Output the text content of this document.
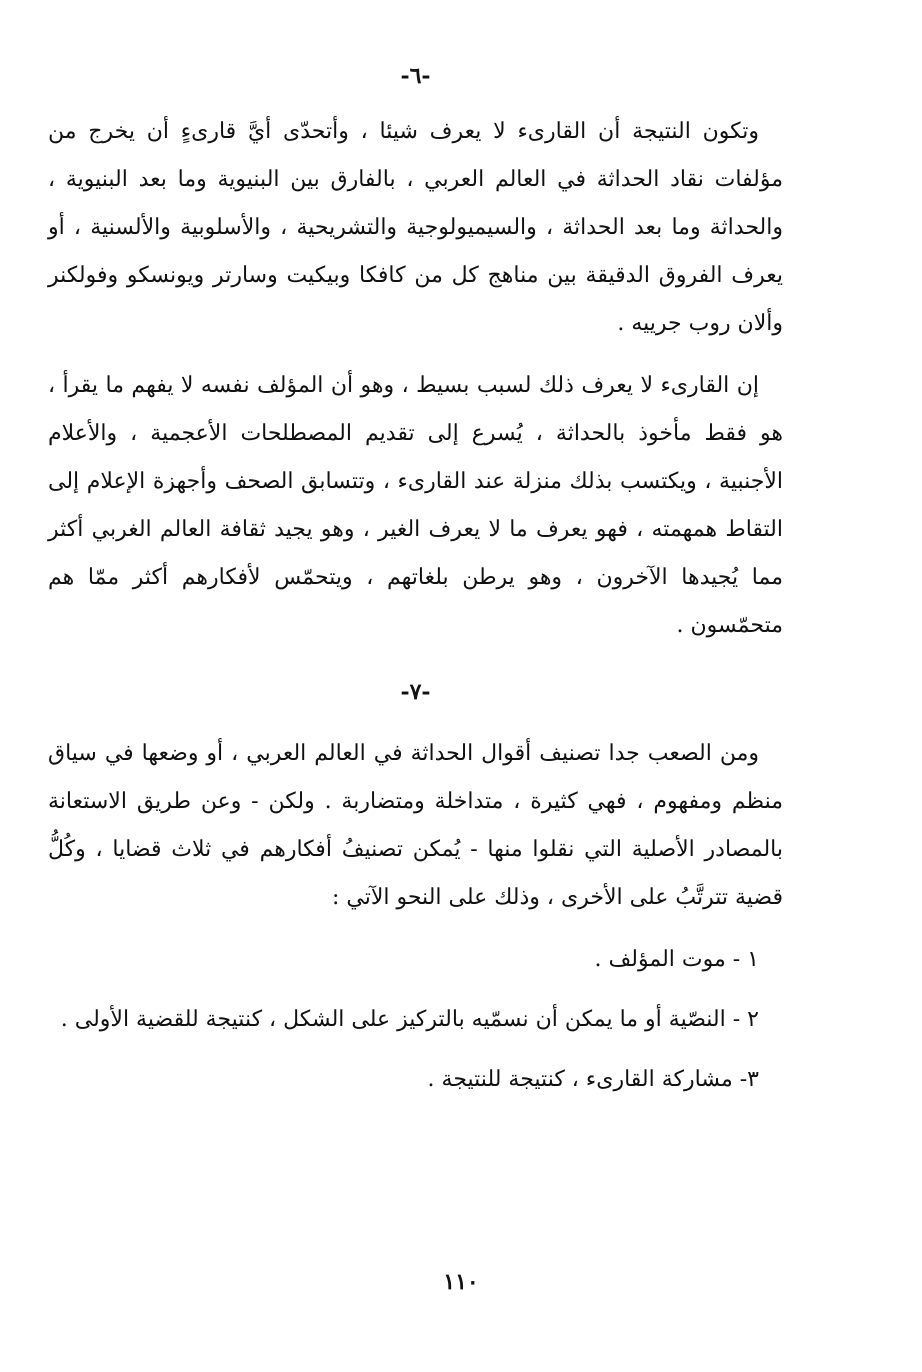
-٦-

وتكون النتيجة أن القارىء لا يعرف شيئا ، وأتحدّى أيَّ قارىءٍ أن يخرج من مؤلفات نقاد الحداثة في العالم العربي ، بالفارق بين البنيوية وما بعد البنيوية ، والحداثة وما بعد الحداثة ، والسيميولوجية والتشريحية ، والأسلوبية والألسنية ، أو يعرف الفروق الدقيقة بين مناهج كل من كافكا وبيكيت وسارتر ويونسكو وفولكنر وألان روب جرييه .

إن القارىء لا يعرف ذلك لسبب بسيط ، وهو أن المؤلف نفسه لا يفهم ما يقرأ ، هو فقط مأخوذ بالحداثة ، يُسرع إلى تقديم المصطلحات الأعجمية ، والأعلام الأجنبية ، ويكتسب بذلك منزلة عند القارىء ، وتتسابق الصحف وأجهزة الإعلام إلى التقاط همهمته ، فهو يعرف ما لا يعرف الغير ، وهو يجيد ثقافة العالم الغربي أكثر مما يُجيدها الآخرون ، وهو يرطن بلغاتهم ، ويتحمّس لأفكارهم أكثر ممّا هم متحمّسون .

-٧-

ومن الصعب جدا تصنيف أقوال الحداثة في العالم العربي ، أو وضعها في سياق منظم ومفهوم ، فهي كثيرة ، متداخلة ومتضاربة . ولكن - وعن طريق الاستعانة بالمصادر الأصلية التي نقلوا منها - يُمكن تصنيفُ أفكارهم في ثلاث قضايا ، وكُلُّ قضية تترتَّبُ على الأخرى ، وذلك على النحو الآتي :

١ - موت المؤلف .
٢ - النصّية أو ما يمكن أن نسمّيه بالتركيز على الشكل ، كنتيجة للقضية الأولى .
٣- مشاركة القارىء ، كنتيجة للنتيجة .
١١٠
